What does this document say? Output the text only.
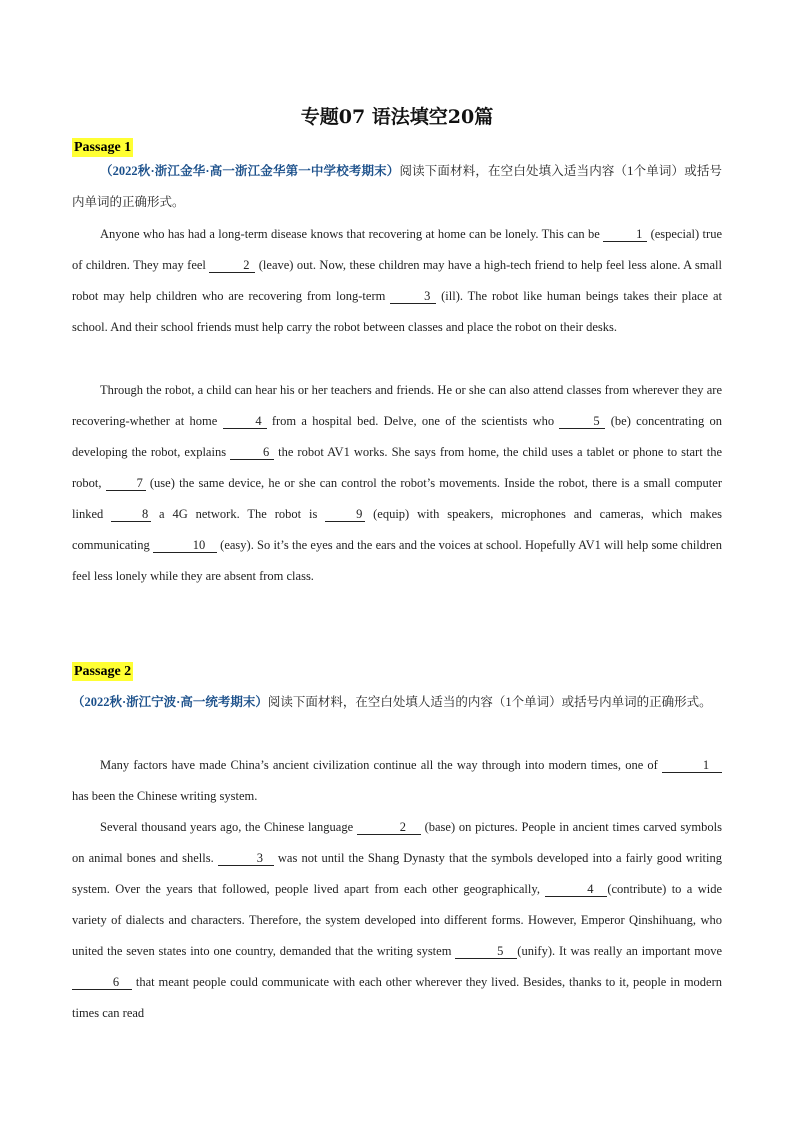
专题07 语法填空20篇
Passage 1
（2022秋·浙江金华·高一浙江金华第一中学校考期末）阅读下面材料，在空白处填入适当内容（1个单词）或括号内单词的正确形式。
Anyone who has had a long-term disease knows that recovering at home can be lonely. This can be	1 (especial) true of children. They may feel	2 (leave) out. Now, these children may have a high-tech friend to help feel less alone. A small robot may help children who are recovering from long-term	3 (ill). The robot like human beings takes their place at school. And their school friends must help carry the robot between classes and place the robot on their desks.
Through the robot, a child can hear his or her teachers and friends. He or she can also attend classes from wherever they are recovering-whether at home	4 from a hospital bed. Delve, one of the scientists who	5 (be) concentrating on developing the robot, explains	6 the robot AV1 works. She says from home, the child uses a tablet or phone to start the robot, 7 (use) the same device, he or she can control the robot’s movements. Inside the robot, there is a small computer linked 8 a 4G network. The robot is 9 (equip) with speakers, microphones and cameras, which makes communicating	10 (easy). So it’s the eyes and the ears and the voices at school. Hopefully AV1 will help some children feel less lonely while they are absent from class.
Passage 2
（2022秋·浙江宁波·高一统考期末）阅读下面材料，在空白处填人适当的内容（1个单词）或括号内单词的正确形式。
Many factors have made China’s ancient civilization continue all the way through into modern times, one of	1 has been the Chinese writing system.
Several thousand years ago, the Chinese language	2 (base) on pictures. People in ancient times carved symbols on animal bones and shells.	3 was not until the Shang Dynasty that the symbols developed into a fairly good writing system. Over the years that followed, people lived apart from each other geographically,	4 (contribute) to a wide variety of dialects and characters. Therefore, the system developed into different forms. However, Emperor Qinshihuang, who united the seven states into one country, demanded that the writing system	5 (unify). It was really an important move 6 that meant people could communicate with each other wherever they lived. Besides, thanks to it, people in modern times can read
